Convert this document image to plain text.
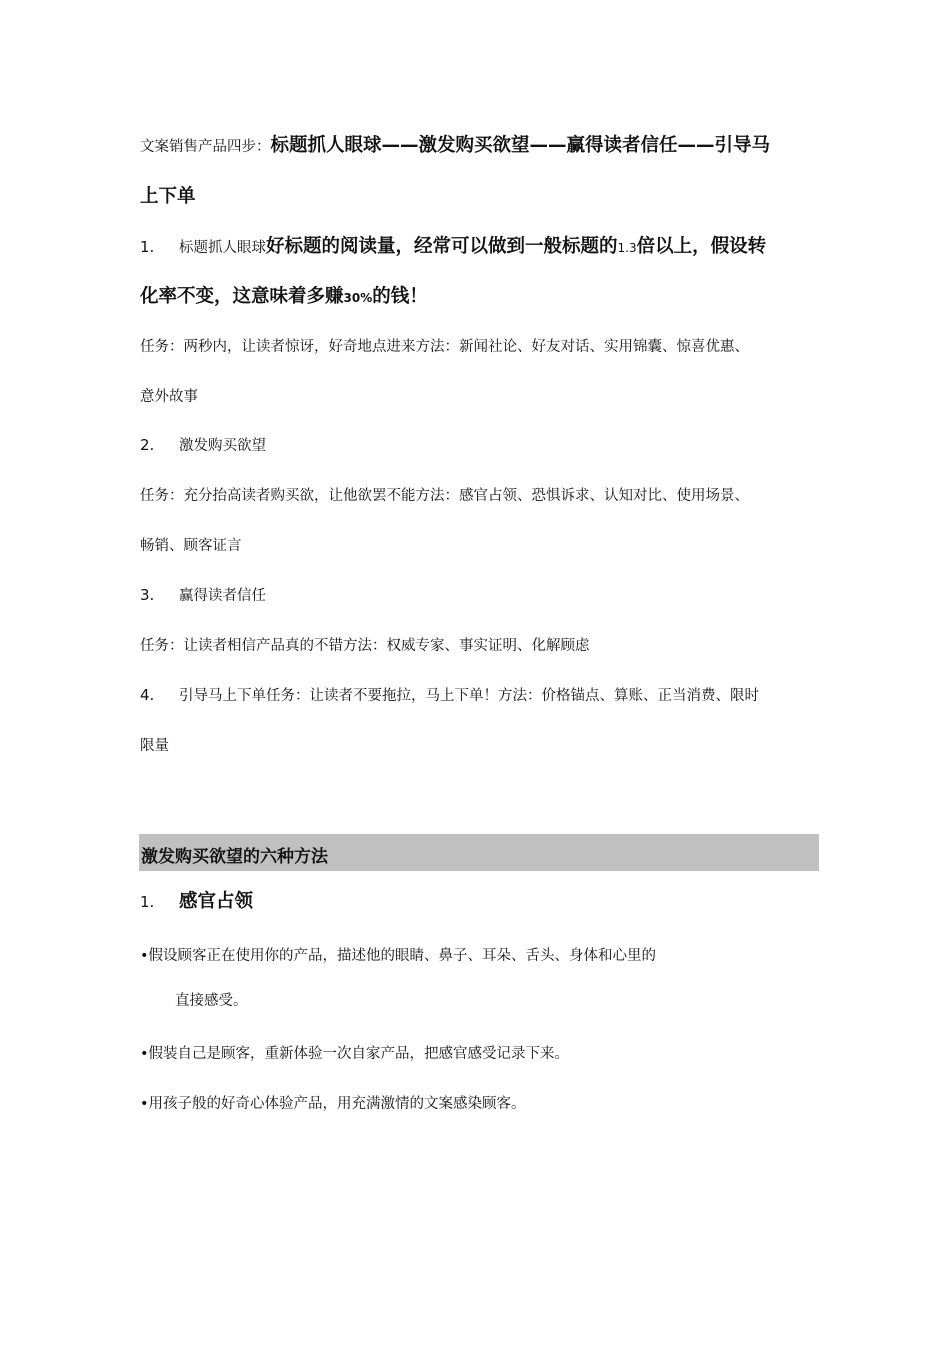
文案销售产品四步：标题抓人眼球——激发购买欲望——赢得读者信任——引导马
上下单
1. 标题抓人眼球好标题的阅读量，经常可以做到一般标题的1.3倍以上，假设转
化率不变，这意味着多赚30%的钱！
任务：两秒内，让读者惊讶，好奇地点进来方法：新闻社论、好友对话、实用锦囊、惊喜优惠、
意外故事
2. 激发购买欲望
任务：充分抬高读者购买欲，让他欲罢不能方法：感官占领、恐惧诉求、认知对比、使用场景、
畅销、顾客证言
3. 赢得读者信任
任务：让读者相信产品真的不错方法：权威专家、事实证明、化解顾虑
4. 引导马上下单任务：让读者不要拖拉，马上下单！方法：价格锚点、算账、正当消费、限时
限量
激发购买欲望的六种方法
1. 感官占领
•假设顾客正在使用你的产品，描述他的眼睛、鼻子、耳朵、舌头、身体和心里的
直接感受。
•假装自己是顾客，重新体验一次自家产品，把感官感受记录下来。
•用孩子般的好奇心体验产品，用充满激情的文案感染顾客。
